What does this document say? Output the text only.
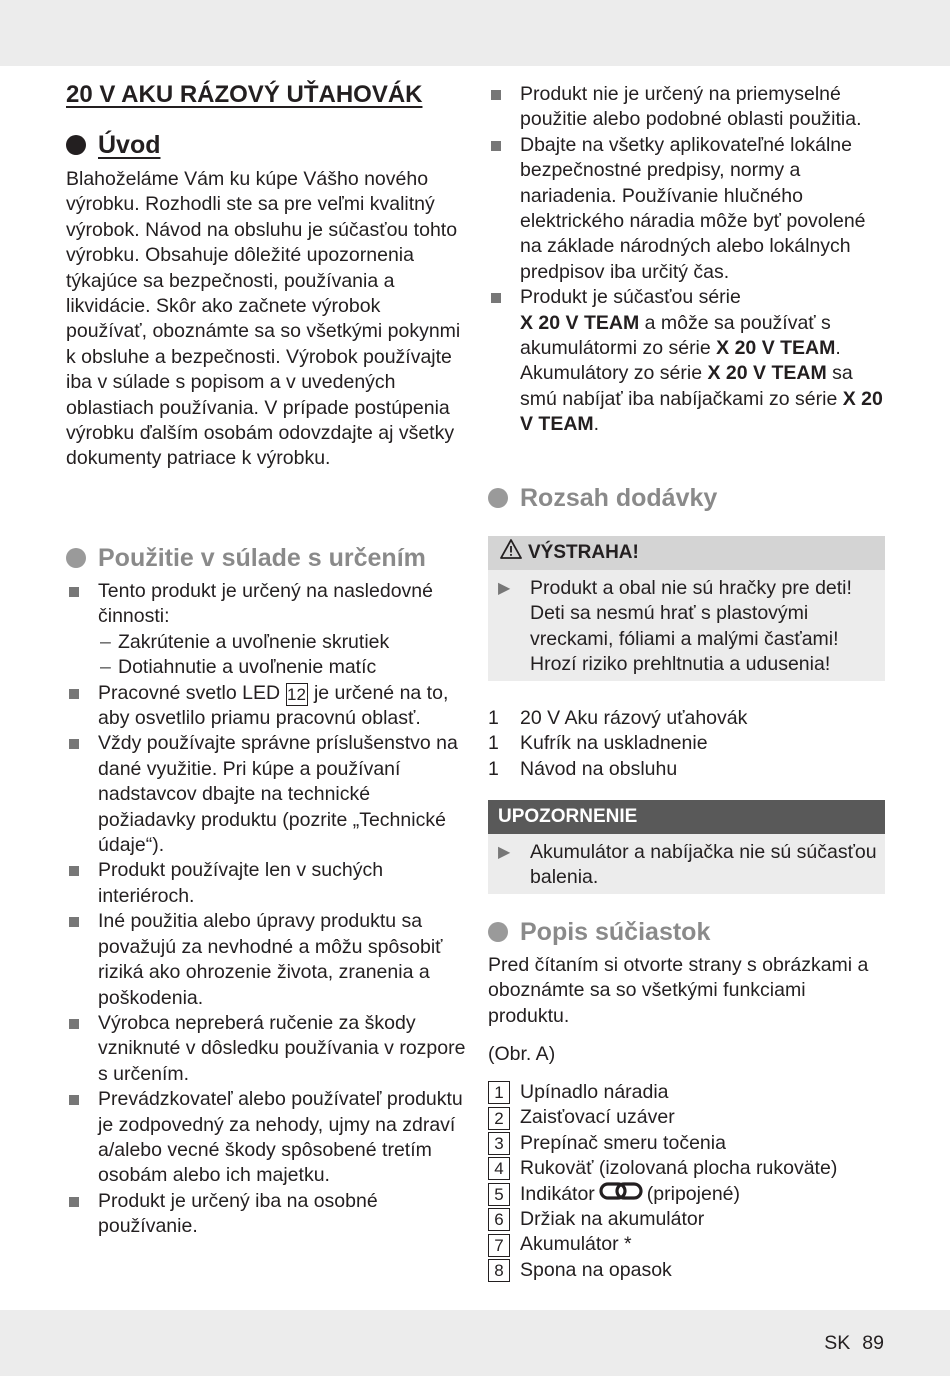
20 V AKU RÁZOVÝ UŤAHOVÁK
Úvod

Blahoželáme Vám ku kúpe Vášho nového výrobku. Rozhodli ste sa pre veľmi kvalitný výrobok. Návod na obsluhu je súčasťou tohto výrobku. Obsahuje dôležité upozornenia týkajúce sa bezpečnosti, používania a likvidácie. Skôr ako začnete výrobok používať, oboznámte sa so všetkými pokynmi k obsluhe a bezpečnosti. Výrobok používajte iba v súlade s popisom a v uvedených oblastiach používania. V prípade postúpenia výrobku ďalším osobám odovzdajte aj všetky dokumenty patriace k výrobku.

Použitie v súlade s určením
Tento produkt je určený na nasledovné činnosti:
– Zakrútenie a uvoľnenie skrutiek
– Dotiahnutie a uvoľnenie matíc
Pracovné svetlo LED 12 je určené na to, aby osvetlilo priamu pracovnú oblasť.
Vždy používajte správne príslušenstvo na dané využitie. Pri kúpe a používaní nadstavcov dbajte na technické požiadavky produktu (pozrite „Technické údaje“).
Produkt používajte len v suchých interiéroch.
Iné použitia alebo úpravy produktu sa považujú za nevhodné a môžu spôsobiť riziká ako ohrozenie života, zranenia a poškodenia.
Výrobca nepreberá ručenie za škody vzniknuté v dôsledku používania v rozpore s určením.
Prevádzkovateľ alebo používateľ produktu je zodpovedný za nehody, ujmy na zdraví a/alebo vecné škody spôsobené tretím osobám alebo ich majetku.
Produkt je určený iba na osobné používanie.
Produkt nie je určený na priemyselné použitie alebo podobné oblasti použitia.
Dbajte na všetky aplikovateľné lokálne bezpečnostné predpisy, normy a nariadenia. Používanie hlučného elektrického náradia môže byť povolené na základe národných alebo lokálnych predpisov iba určitý čas.
Produkt je súčasťou série
X 20 V TEAM a môže sa používať s akumulátormi zo série X 20 V TEAM. Akumulátory zo série X 20 V TEAM sa smú nabíjať iba nabíjačkami zo série X 20 V TEAM.
Rozsah dodávky
VÝSTRAHA!
▶ Produkt a obal nie sú hračky pre deti! Deti sa nesmú hrať s plastovými vreckami, fóliami a malými časťami! Hrozí riziko prehltnutia a udusenia!
1	20 V Aku rázový uťahovák
1	Kufrík na uskladnenie
1	Návod na obsluhu
UPOZORNENIE
▶ Akumulátor a nabíjačka nie sú súčasťou balenia.
Popis súčiastok

Pred čítaním si otvorte strany s obrázkami a oboznámte sa so všetkými funkciami produktu.

(Obr. A)

1 Upínadlo náradia
2 Zaisťovací uzáver
3 Prepínač smeru točenia
4 Rukoväť (izolovaná plocha rukoväte)
5 Indikátor	(pripojené)
6 Držiak na akumulátor
7 Akumulátor *
8 Spona na opasok
SK 89
